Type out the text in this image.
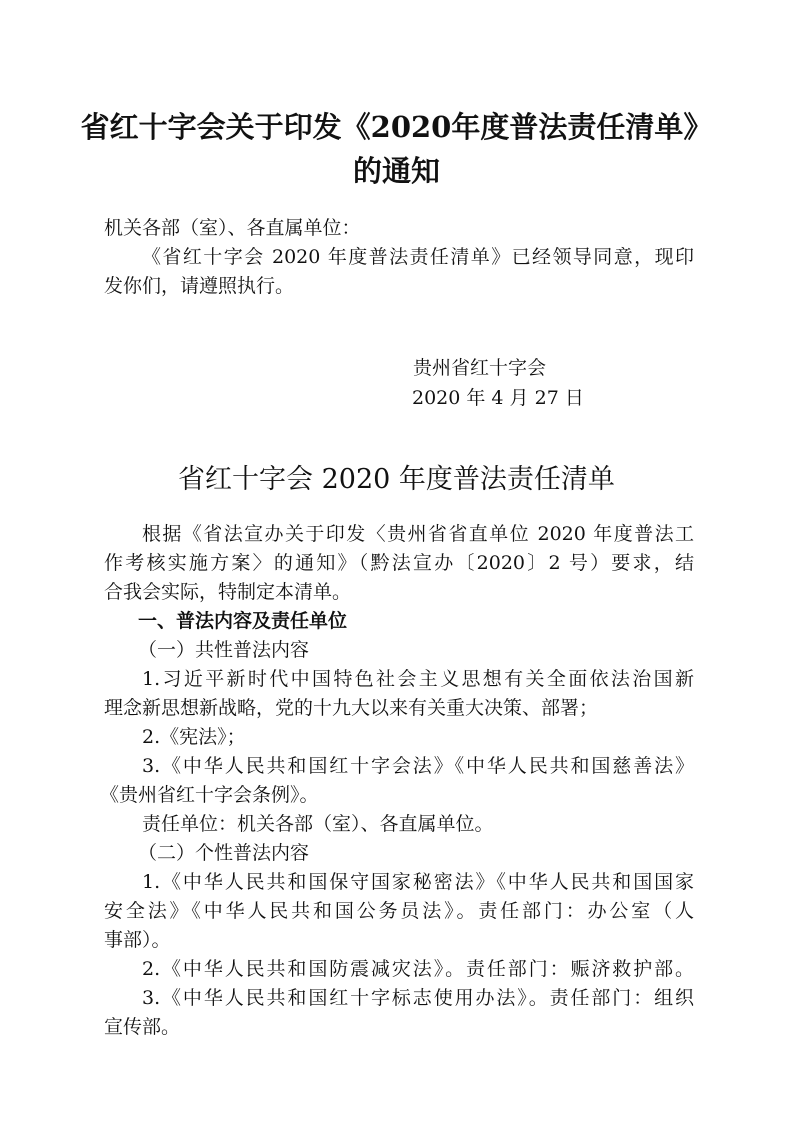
省红十字会关于印发《2020年度普法责任清单》
的通知
机关各部（室）、各直属单位：
《省红十字会 2020 年度普法责任清单》已经领导同意，现印
发你们，请遵照执行。
贵州省红十字会
2020 年 4 月 27 日
省红十字会 2020 年度普法责任清单
根据《省法宣办关于印发〈贵州省省直单位 2020 年度普法工
作考核实施方案〉的通知》（黔法宣办〔2020〕2 号）要求，结
合我会实际，特制定本清单。
一、普法内容及责任单位
（一）共性普法内容
1.习近平新时代中国特色社会主义思想有关全面依法治国新
理念新思想新战略，党的十九大以来有关重大决策、部署；
2.《宪法》；
3.《中华人民共和国红十字会法》《中华人民共和国慈善法》
《贵州省红十字会条例》。
责任单位：机关各部（室）、各直属单位。
（二）个性普法内容
1.《中华人民共和国保守国家秘密法》《中华人民共和国国家
安全法》《中华人民共和国公务员法》。责任部门：办公室（人
事部）。
2.《中华人民共和国防震减灾法》。责任部门：赈济救护部。
3.《中华人民共和国红十字标志使用办法》。责任部门：组织
宣传部。
